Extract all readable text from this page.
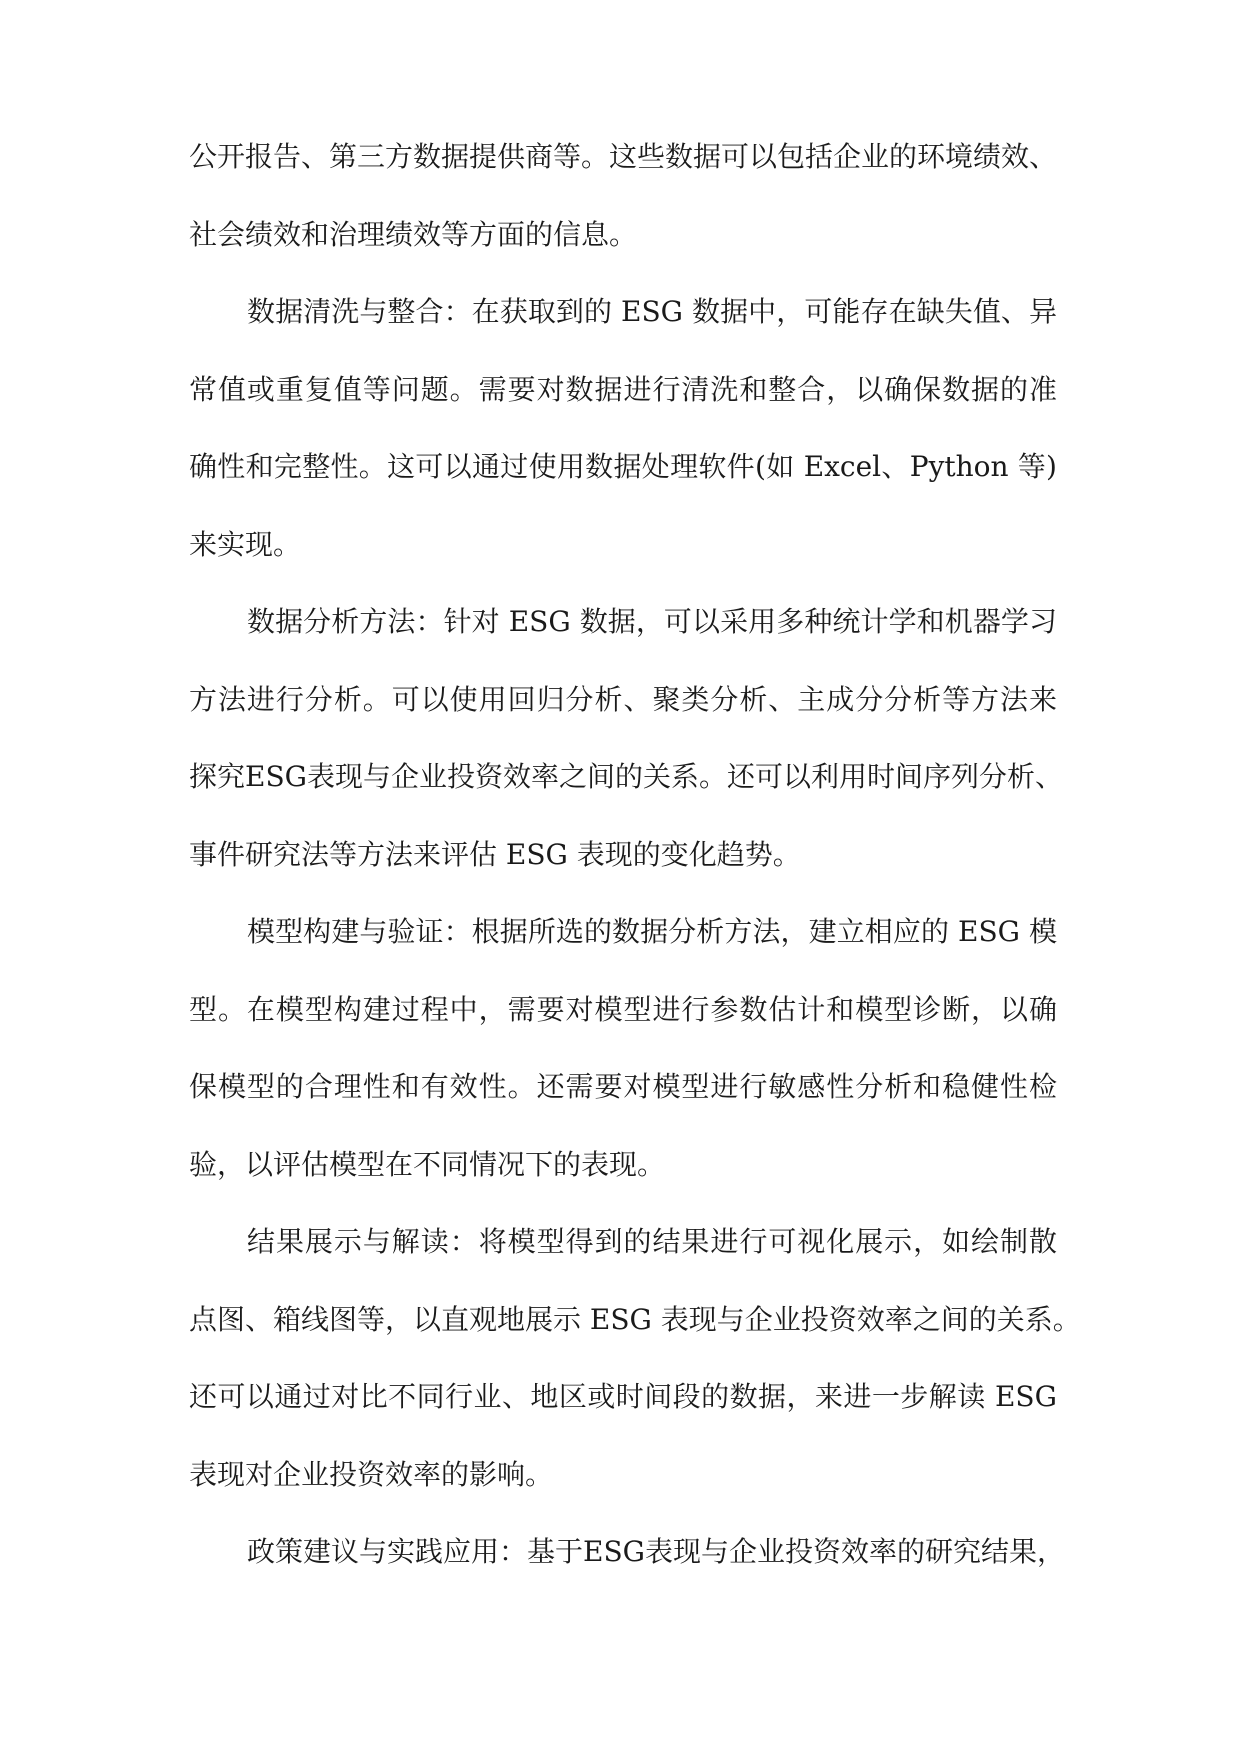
公开报告、第三方数据提供商等。这些数据可以包括企业的环境绩效、
社会绩效和治理绩效等方面的信息。
数据清洗与整合：在获取到的 ESG 数据中，可能存在缺失值、异
常值或重复值等问题。需要对数据进行清洗和整合，以确保数据的准
确性和完整性。这可以通过使用数据处理软件(如 Excel、Python 等)
来实现。
数据分析方法：针对 ESG 数据，可以采用多种统计学和机器学习
方法进行分析。可以使用回归分析、聚类分析、主成分分析等方法来
探究ESG表现与企业投资效率之间的关系。还可以利用时间序列分析、
事件研究法等方法来评估 ESG 表现的变化趋势。
模型构建与验证：根据所选的数据分析方法，建立相应的 ESG 模
型。在模型构建过程中，需要对模型进行参数估计和模型诊断，以确
保模型的合理性和有效性。还需要对模型进行敏感性分析和稳健性检
验，以评估模型在不同情况下的表现。
结果展示与解读：将模型得到的结果进行可视化展示，如绘制散
点图、箱线图等，以直观地展示 ESG 表现与企业投资效率之间的关系。
还可以通过对比不同行业、地区或时间段的数据，来进一步解读 ESG
表现对企业投资效率的影响。
政策建议与实践应用：基于ESG表现与企业投资效率的研究结果，
